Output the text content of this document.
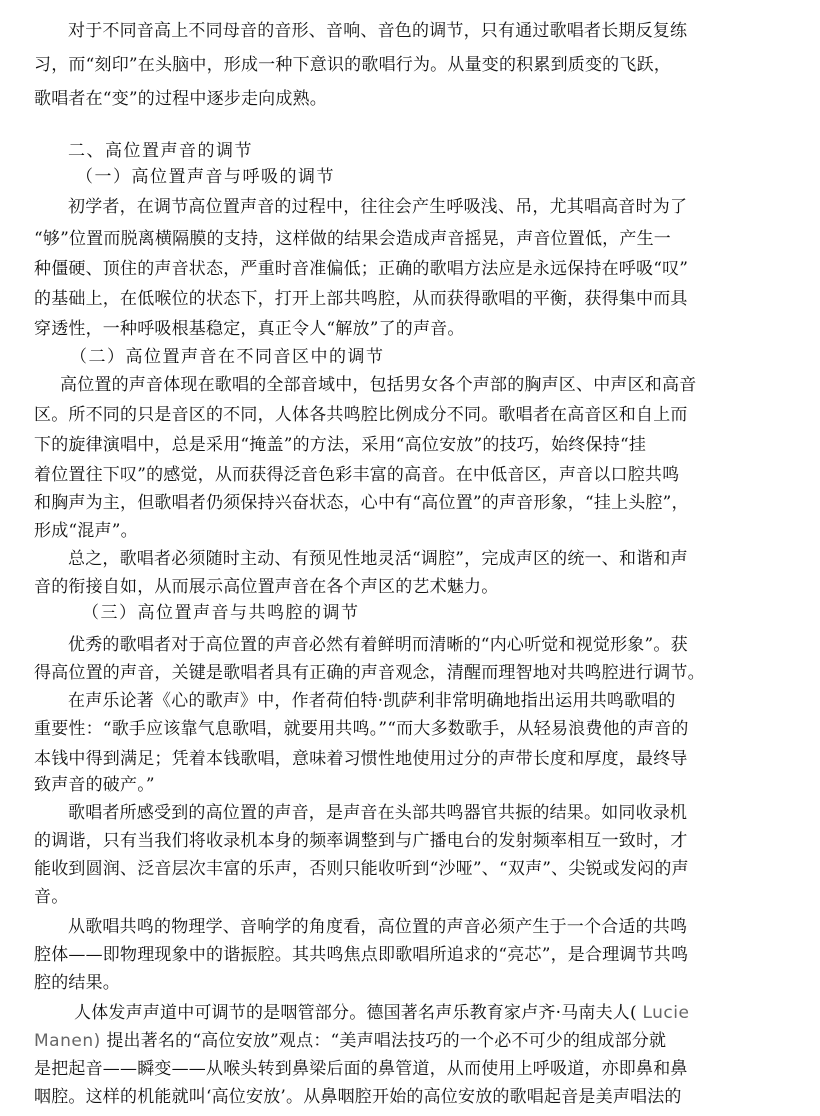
对于不同音高上不同母音的音形、音响、音色的调节，只有通过歌唱者长期反复练
习，而“刻印”在头脑中，形成一种下意识的歌唱行为。从量变的积累到质变的飞跃，
歌唱者在“变”的过程中逐步走向成熟。
二、高位置声音的调节
（一）高位置声音与呼吸的调节
初学者，在调节高位置声音的过程中，往往会产生呼吸浅、吊，尤其唱高音时为了
“够”位置而脱离横隔膜的支持，这样做的结果会造成声音摇晃，声音位置低，产生一
种僵硬、顶住的声音状态，严重时音准偏低；正确的歌唱方法应是永远保持在呼吸“叹”
的基础上，在低喉位的状态下，打开上部共鸣腔，从而获得歌唱的平衡，获得集中而具
穿透性，一种呼吸根基稳定，真正令人“解放”了的声音。
（二）高位置声音在不同音区中的调节
高位置的声音体现在歌唱的全部音域中，包括男女各个声部的胸声区、中声区和高音
区。所不同的只是音区的不同，人体各共鸣腔比例成分不同。歌唱者在高音区和自上而
下的旋律演唱中，总是采用“掩盖”的方法，采用“高位安放”的技巧，始终保持“挂
着位置往下叹”的感觉，从而获得泛音色彩丰富的高音。在中低音区，声音以口腔共鸣
和胸声为主，但歌唱者仍须保持兴奋状态，心中有“高位置”的声音形象，“挂上头腔”，
形成“混声”。
总之，歌唱者必须随时主动、有预见性地灵活“调腔”，完成声区的统一、和谐和声
音的衔接自如，从而展示高位置声音在各个声区的艺术魅力。
（三）高位置声音与共鸣腔的调节
优秀的歌唱者对于高位置的声音必然有着鲜明而清晰的“内心听觉和视觉形象”。获
得高位置的声音，关键是歌唱者具有正确的声音观念，清醒而理智地对共鸣腔进行调节。
在声乐论著《心的歌声》中，作者荷伯特·凯萨利非常明确地指出运用共鸣歌唱的
重要性：“歌手应该靠气息歌唱，就要用共鸣。”“而大多数歌手，从轻易浪费他的声音的
本钱中得到满足；凭着本钱歌唱，意味着习惯性地使用过分的声带长度和厚度，最终导
致声音的破产。”
歌唱者所感受到的高位置的声音，是声音在头部共鸣器官共振的结果。如同收录机
的调谐，只有当我们将收录机本身的频率调整到与广播电台的发射频率相互一致时，才
能收到圆润、泛音层次丰富的乐声，否则只能收听到“沙哑”、“双声”、尖锐或发闷的声
音。
从歌唱共鸣的物理学、音响学的角度看，高位置的声音必须产生于一个合适的共鸣
腔体——即物理现象中的谐振腔。其共鸣焦点即歌唱所追求的“亮芯”，是合理调节共鸣
腔的结果。
人体发声声道中可调节的是咽管部分。德国著名声乐教育家卢齐·马南夫人( Lucie
Manen) 提出著名的“高位安放”观点：“美声唱法技巧的一个必不可少的组成部分就
是把起音——瞬变——从喉头转到鼻梁后面的鼻管道，从而使用上呼吸道，亦即鼻和鼻
咽腔。这样的机能就叫‘高位安放’。从鼻咽腔开始的高位安放的歌唱起音是美声唱法的
